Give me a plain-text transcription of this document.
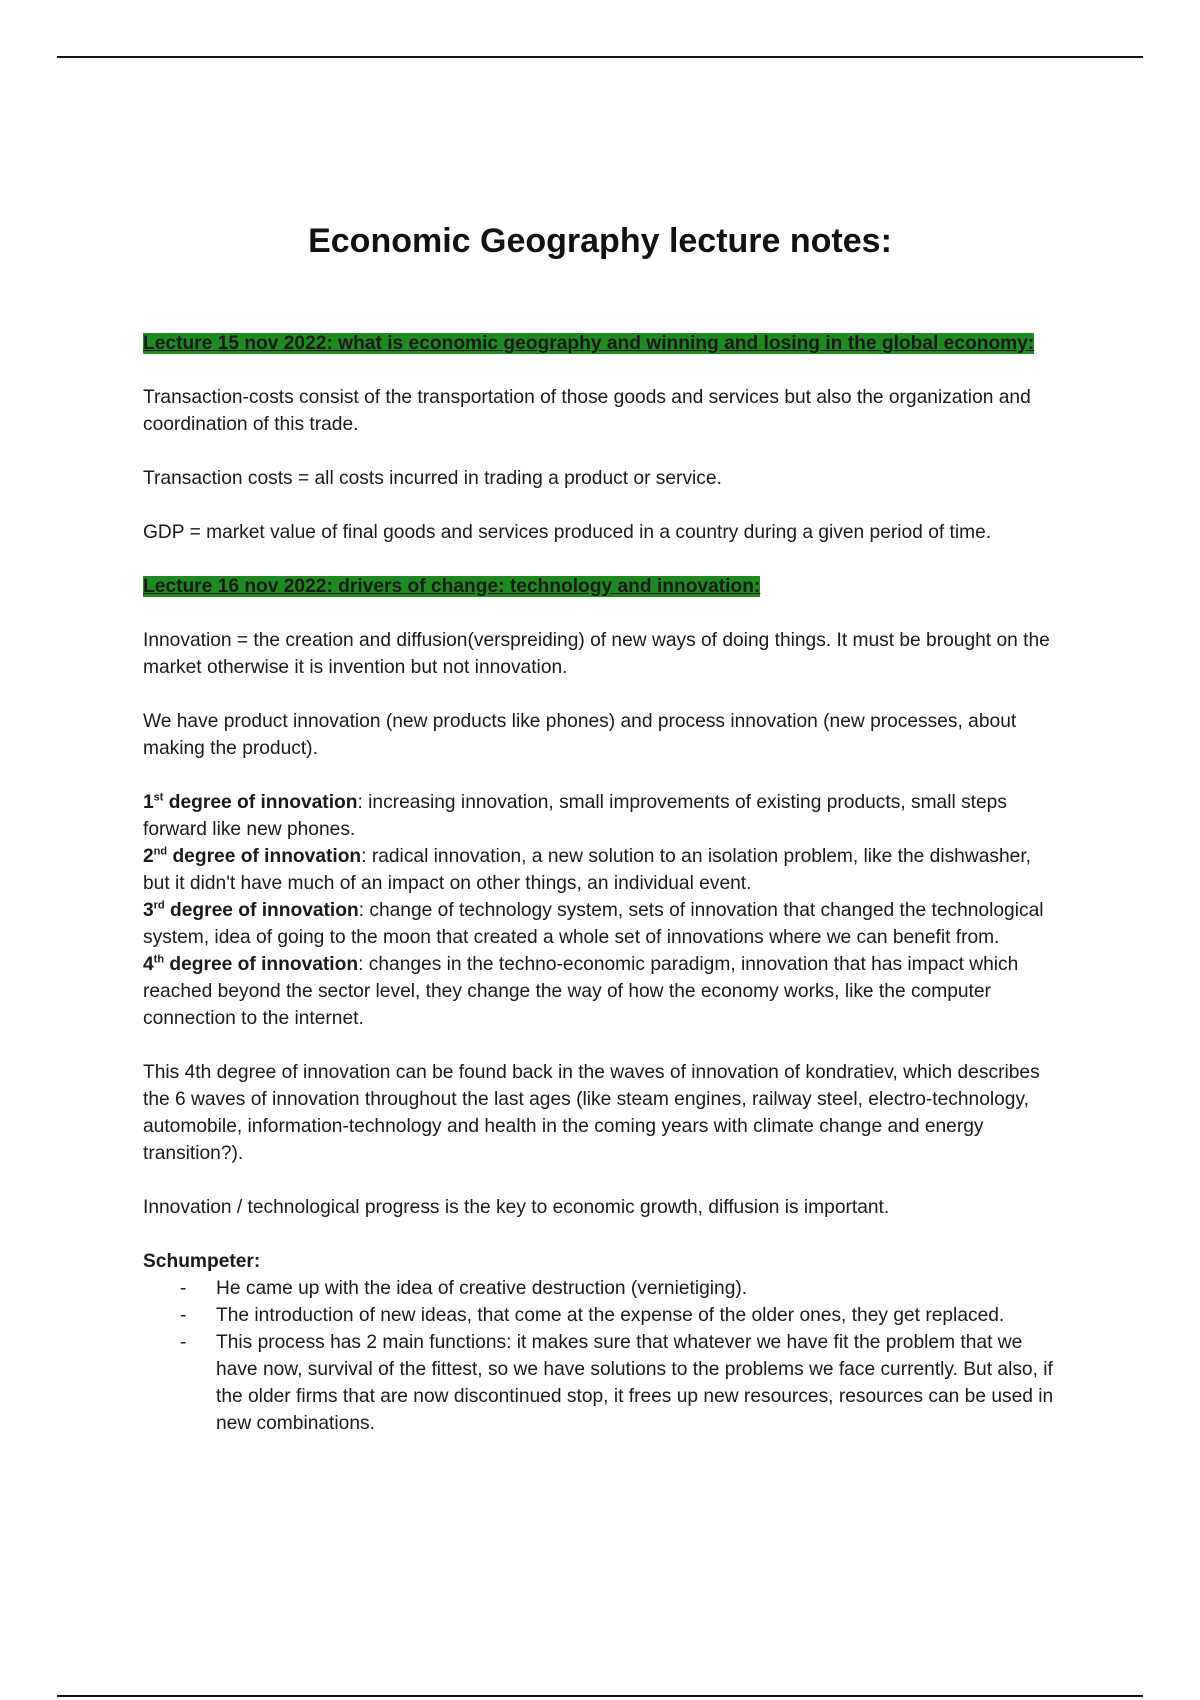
Economic Geography lecture notes:

Lecture 15 nov 2022: what is economic geography and winning and losing in the global economy:

Transaction-costs consist of the transportation of those goods and services but also the organization and coordination of this trade.

Transaction costs = all costs incurred in trading a product or service.

GDP = market value of final goods and services produced in a country during a given period of time.

Lecture 16 nov 2022: drivers of change: technology and innovation:

Innovation = the creation and diffusion(verspreiding) of new ways of doing things. It must be brought on the market otherwise it is invention but not innovation.

We have product innovation (new products like phones) and process innovation (new processes, about making the product).

1st degree of innovation: increasing innovation, small improvements of existing products, small steps forward like new phones.

2nd degree of innovation: radical innovation, a new solution to an isolation problem, like the dishwasher, but it didn't have much of an impact on other things, an individual event.

3rd degree of innovation: change of technology system, sets of innovation that changed the technological system, idea of going to the moon that created a whole set of innovations where we can benefit from.

4th degree of innovation: changes in the techno-economic paradigm, innovation that has impact which reached beyond the sector level, they change the way of how the economy works, like the computer connection to the internet.

This 4th degree of innovation can be found back in the waves of innovation of kondratiev, which describes the 6 waves of innovation throughout the last ages (like steam engines, railway steel, electro-technology, automobile, information-technology and health in the coming years with climate change and energy transition?).

Innovation / technological progress is the key to economic growth, diffusion is important.

Schumpeter:

- He came up with the idea of creative destruction (vernietiging).
- The introduction of new ideas, that come at the expense of the older ones, they get replaced.
- This process has 2 main functions: it makes sure that whatever we have fit the problem that we have now, survival of the fittest, so we have solutions to the problems we face currently. But also, if the older firms that are now discontinued stop, it frees up new resources, resources can be used in new combinations.
